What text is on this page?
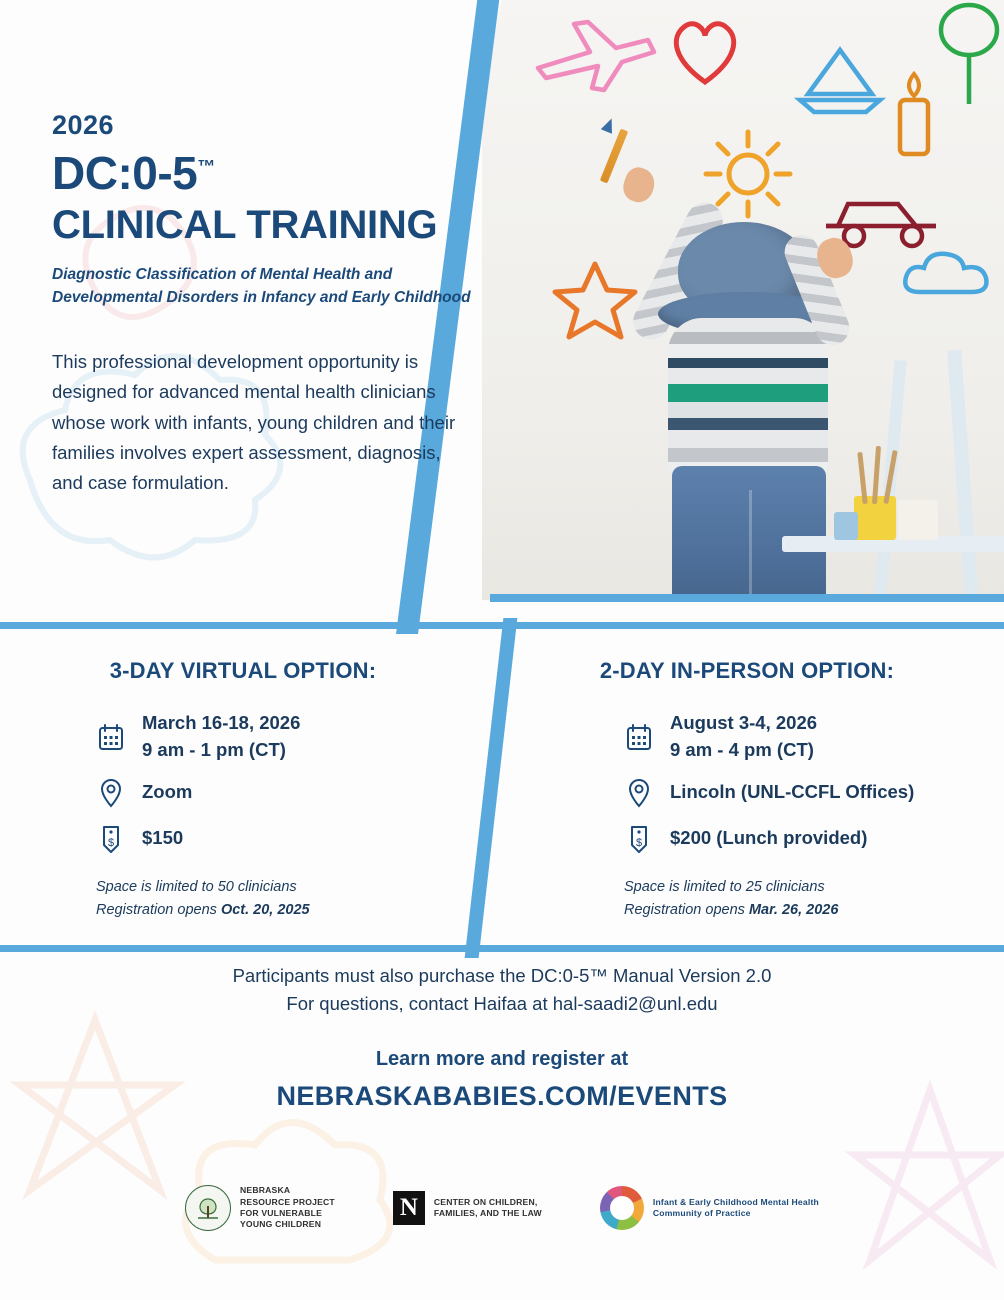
2026
DC:0-5™
CLINICAL TRAINING
Diagnostic Classification of Mental Health and
Developmental Disorders in Infancy and Early Childhood
This professional development opportunity is designed for advanced mental health clinicians whose work with infants, young children and their families involves expert assessment, diagnosis, and case formulation.
3-DAY VIRTUAL OPTION:
March 16-18, 2026
9 am - 1 pm (CT)
Zoom
$ $150
Space is limited to 50 clinicians
Registration opens Oct. 20, 2025
2-DAY IN-PERSON OPTION:
August 3-4, 2026
9 am - 4 pm (CT)
Lincoln (UNL-CCFL Offices)
$ $200 (Lunch provided)
Space is limited to 25 clinicians
Registration opens Mar. 26, 2026
Participants must also purchase the DC:0-5™ Manual Version 2.0
For questions, contact Haifaa at hal-saadi2@unl.edu
Learn more and register at
NEBRASKABABIES.COM/EVENTS
NEBRASKA
RESOURCE PROJECT
FOR VULNERABLE
YOUNG CHILDREN
N	CENTER ON CHILDREN,
FAMILIES, AND THE LAW
Infant & Early Childhood Mental Health
Community of Practice
